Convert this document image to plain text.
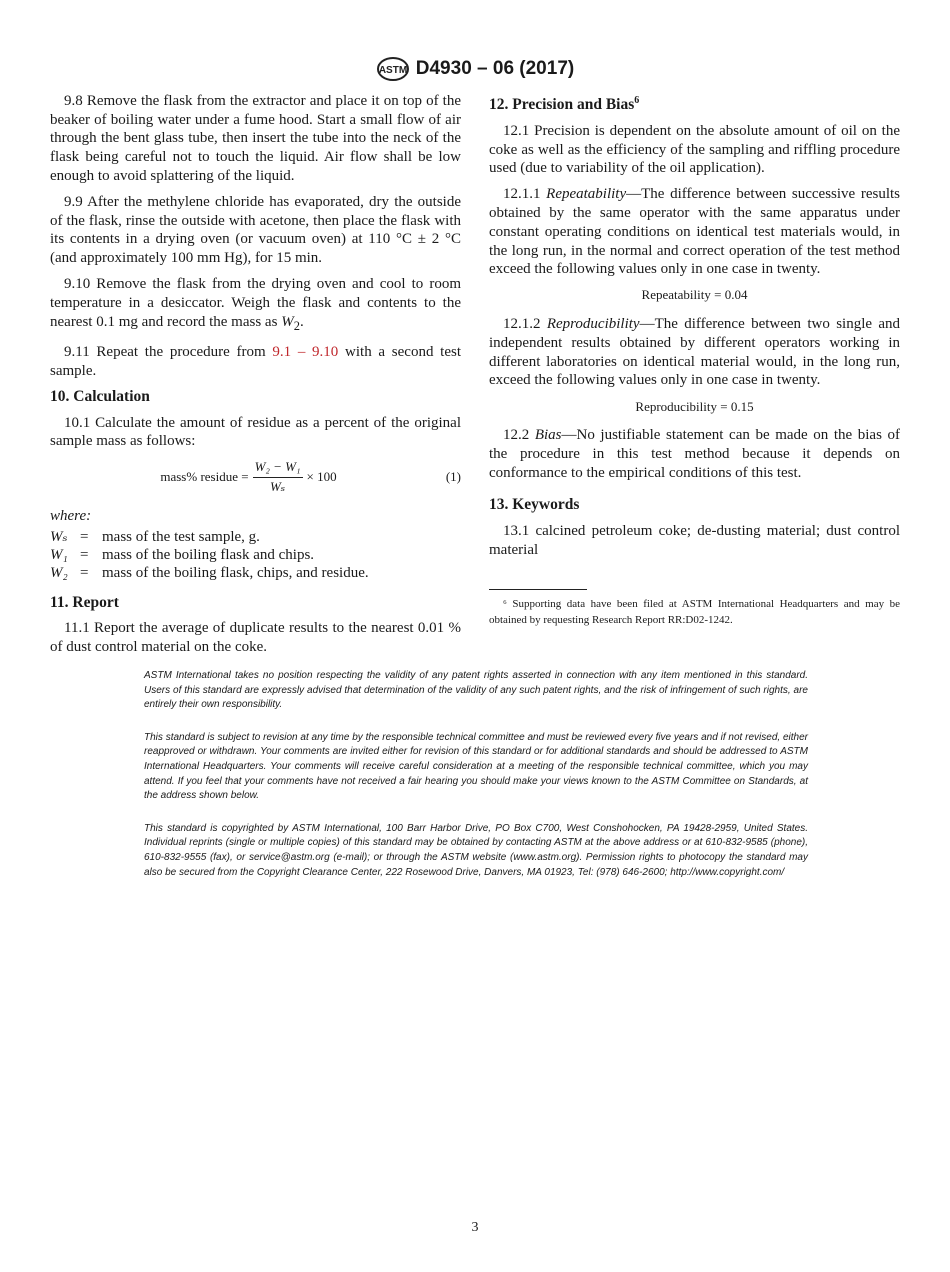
ASTM D4930 – 06 (2017)

9.8 Remove the flask from the extractor and place it on top of the beaker of boiling water under a fume hood. Start a small flow of air through the bent glass tube, then insert the tube into the neck of the flask being careful not to touch the liquid. Air flow shall be low enough to avoid splattering of the liquid.

9.9 After the methylene chloride has evaporated, dry the outside of the flask, rinse the outside with acetone, then place the flask with its contents in a drying oven (or vacuum oven) at 110 °C ± 2 °C (and approximately 100 mm Hg), for 15 min.

9.10 Remove the flask from the drying oven and cool to room temperature in a desiccator. Weigh the flask and contents to the nearest 0.1 mg and record the mass as $W_2$.

9.11 Repeat the procedure from 9.1 – 9.10 with a second test sample.

10. Calculation

10.1 Calculate the amount of residue as a percent of the original sample mass as follows:

mass% residue = $\frac{\text{W₂ − W₁}}{\text{Wₛ}} \times 100$	(1)
where:
Wₛ = mass of the test sample, g.
W₁ = mass of the boiling flask and chips.
W₂ = mass of the boiling flask, chips, and residue.
11. Report

11.1 Report the average of duplicate results to the nearest 0.01 % of dust control material on the coke.

12. Precision and Bias$^6$

12.1 Precision is dependent on the absolute amount of oil on the coke as well as the efficiency of the sampling and riffling procedure used (due to variability of the oil application).

12.1.1 Repeatability—The difference between successive results obtained by the same operator with the same apparatus under constant operating conditions on identical test materials would, in the long run, in the normal and correct operation of the test method exceed the following values only in one case in twenty.

Repeatability = 0.04

12.1.2 Reproducibility—The difference between two single and independent results obtained by different operators working in different laboratories on identical material would, in the long run, exceed the following values only in one case in twenty.

Reproducibility = 0.15

12.2 Bias—No justifiable statement can be made on the bias of the procedure in this test method because it depends on conformance to the empirical conditions of this test.

13. Keywords

13.1 calcined petroleum coke; de-dusting material; dust control material

⁶ Supporting data have been filed at ASTM International Headquarters and may be obtained by requesting Research Report RR:D02-1242.

ASTM International takes no position respecting the validity of any patent rights asserted in connection with any item mentioned in this standard. Users of this standard are expressly advised that determination of the validity of any such patent rights, and the risk of infringement of such rights, are entirely their own responsibility.

This standard is subject to revision at any time by the responsible technical committee and must be reviewed every five years and if not revised, either reapproved or withdrawn. Your comments are invited either for revision of this standard or for additional standards and should be addressed to ASTM International Headquarters. Your comments will receive careful consideration at a meeting of the responsible technical committee, which you may attend. If you feel that your comments have not received a fair hearing you should make your views known to the ASTM Committee on Standards, at the address shown below.

This standard is copyrighted by ASTM International, 100 Barr Harbor Drive, PO Box C700, West Conshohocken, PA 19428-2959, United States. Individual reprints (single or multiple copies) of this standard may be obtained by contacting ASTM at the above address or at 610-832-9585 (phone), 610-832-9555 (fax), or service@astm.org (e-mail); or through the ASTM website (www.astm.org). Permission rights to photocopy the standard may also be secured from the Copyright Clearance Center, 222 Rosewood Drive, Danvers, MA 01923, Tel: (978) 646-2600; http://www.copyright.com/

3
